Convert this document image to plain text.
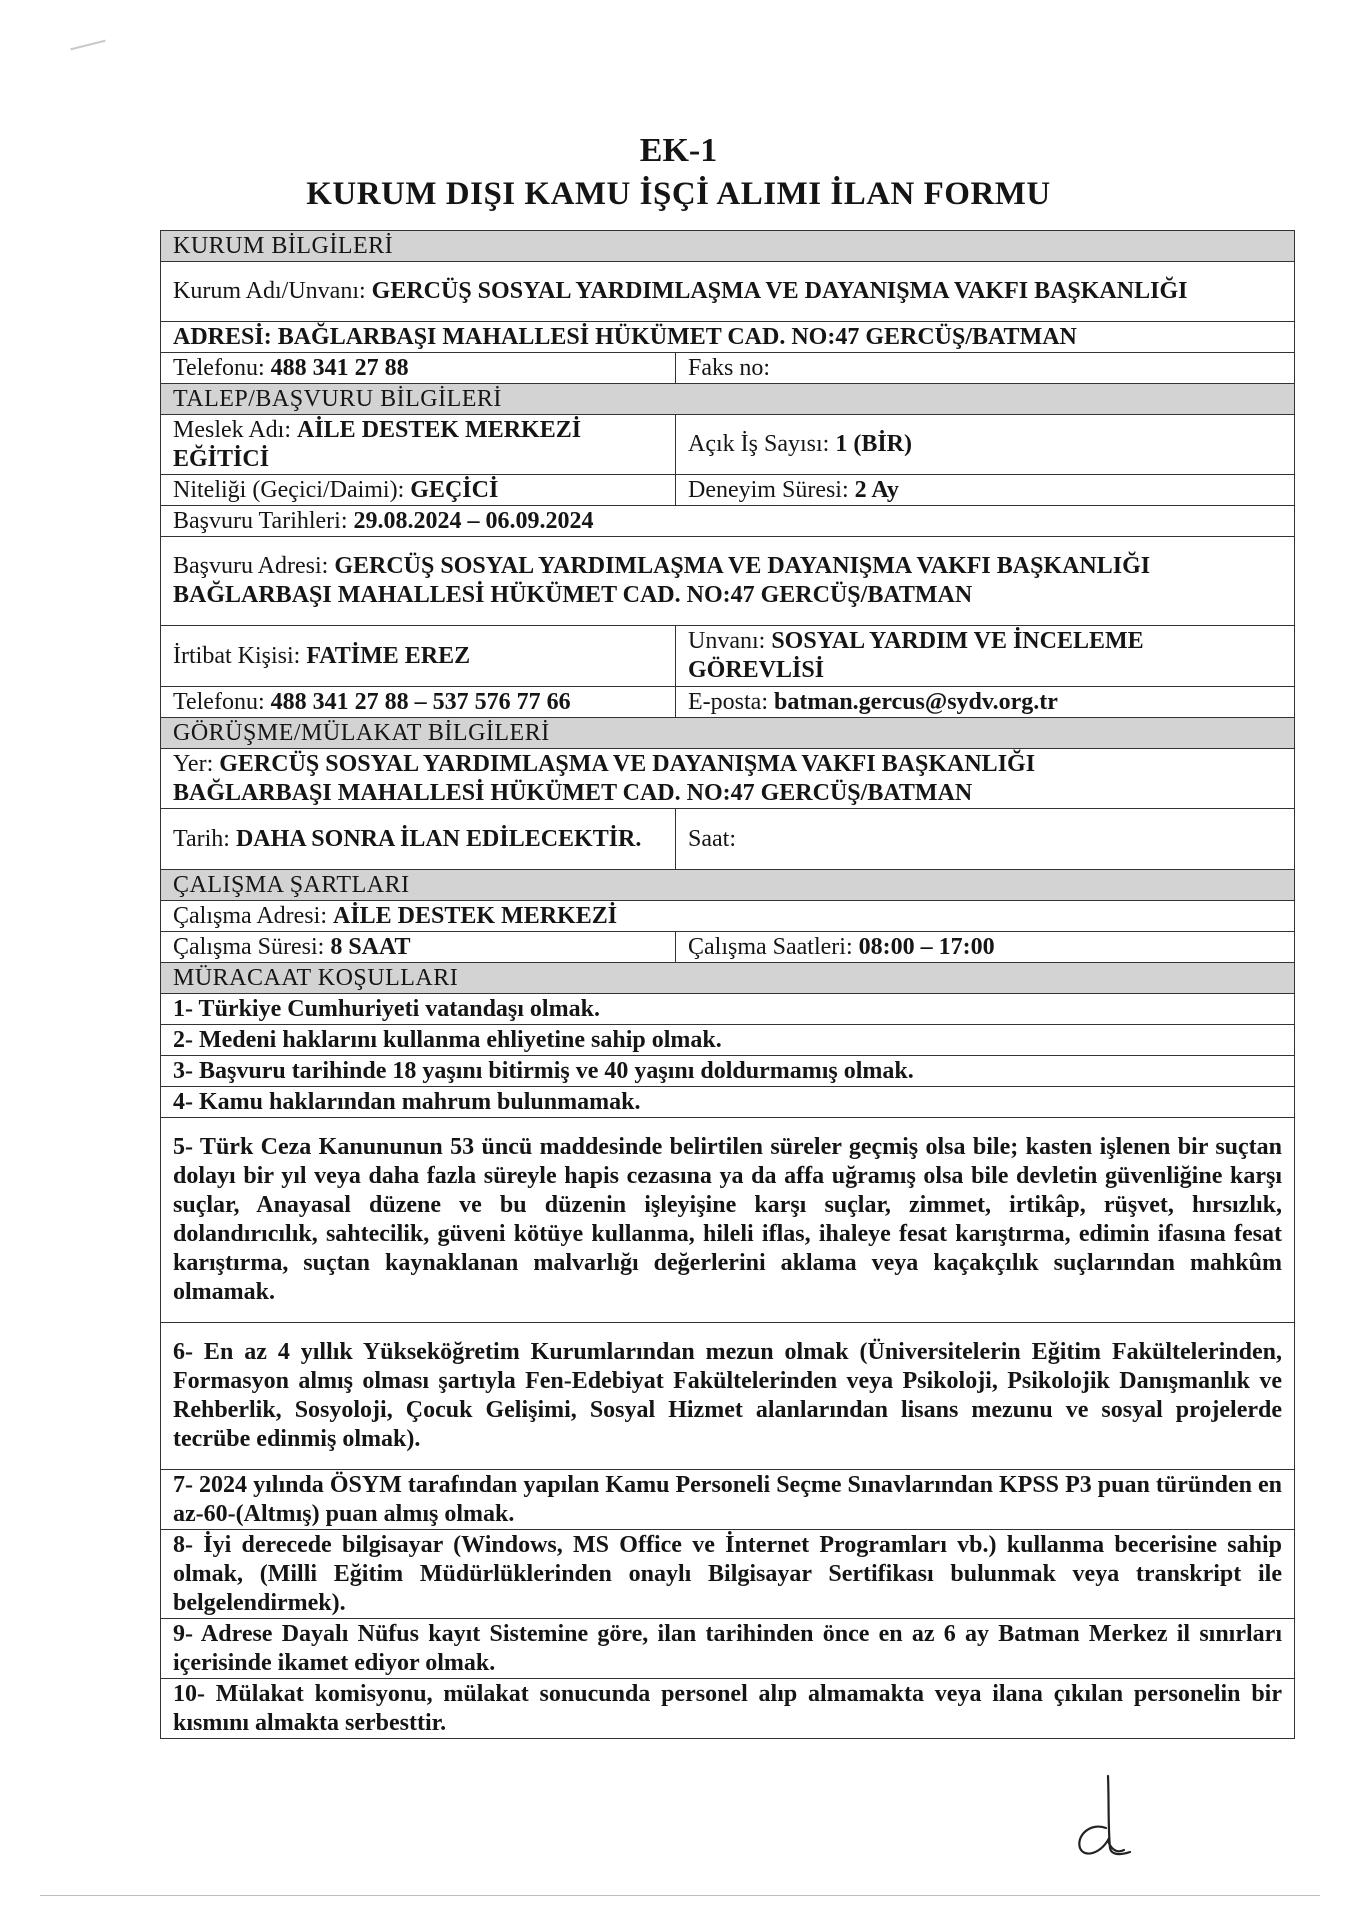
EK-1
KURUM DIŞI KAMU İŞÇİ ALIMI İLAN FORMU
KURUM BİLGİLERİ	
Kurum Adı/Unvanı: GERCÜŞ SOSYAL YARDIMLAŞMA VE DAYANIŞMA VAKFI BAŞKANLIĞI	
ADRESİ: BAĞLARBAŞI MAHALLESİ HÜKÜMET CAD. NO:47 GERCÜŞ/BATMAN	
Telefonu: 488 341 27 88	Faks no:
TALEP/BAŞVURU BİLGİLERİ	
Meslek Adı: AİLE DESTEK MERKEZİ EĞİTİCİ	Açık İş Sayısı: 1 (BİR)
Niteliği (Geçici/Daimi): GEÇİCİ	Deneyim Süresi: 2 Ay
Başvuru Tarihleri: 29.08.2024 – 06.09.2024	
Başvuru Adresi: GERCÜŞ SOSYAL YARDIMLAŞMA VE DAYANIŞMA VAKFI BAŞKANLIĞI
BAĞLARBAŞI MAHALLESİ HÜKÜMET CAD. NO:47 GERCÜŞ/BATMAN	
İrtibat Kişisi: FATİME EREZ	Unvanı: SOSYAL YARDIM VE İNCELEME GÖREVLİSİ
Telefonu: 488 341 27 88 – 537 576 77 66	E-posta: batman.gercus@sydv.org.tr
GÖRÜŞME/MÜLAKAT BİLGİLERİ	
Yer: GERCÜŞ SOSYAL YARDIMLAŞMA VE DAYANIŞMA VAKFI BAŞKANLIĞI
BAĞLARBAŞI MAHALLESİ HÜKÜMET CAD. NO:47 GERCÜŞ/BATMAN	
Tarih: DAHA SONRA İLAN EDİLECEKTİR.	Saat:
ÇALIŞMA ŞARTLARI	
Çalışma Adresi: AİLE DESTEK MERKEZİ	
Çalışma Süresi: 8 SAAT	Çalışma Saatleri: 08:00 – 17:00
MÜRACAAT KOŞULLARI	
1- Türkiye Cumhuriyeti vatandaşı olmak.	
2- Medeni haklarını kullanma ehliyetine sahip olmak.	
3- Başvuru tarihinde 18 yaşını bitirmiş ve 40 yaşını doldurmamış olmak.	
4- Kamu haklarından mahrum bulunmamak.	
5- Türk Ceza Kanununun 53 üncü maddesinde belirtilen süreler geçmiş olsa bile; kasten işlenen bir suçtan dolayı bir yıl veya daha fazla süreyle hapis cezasına ya da affa uğramış olsa bile devletin güvenliğine karşı suçlar, Anayasal düzene ve bu düzenin işleyişine karşı suçlar, zimmet, irtikâp, rüşvet, hırsızlık, dolandırıcılık, sahtecilik, güveni kötüye kullanma, hileli iflas, ihaleye fesat karıştırma, edimin ifasına fesat karıştırma, suçtan kaynaklanan malvarlığı değerlerini aklama veya kaçakçılık suçlarından mahkûm olmamak.	
6- En az 4 yıllık Yükseköğretim Kurumlarından mezun olmak (Üniversitelerin Eğitim Fakültelerinden, Formasyon almış olması şartıyla Fen-Edebiyat Fakültelerinden veya Psikoloji, Psikolojik Danışmanlık ve Rehberlik, Sosyoloji, Çocuk Gelişimi, Sosyal Hizmet alanlarından lisans mezunu ve sosyal projelerde tecrübe edinmiş olmak).	
7- 2024 yılında ÖSYM tarafından yapılan Kamu Personeli Seçme Sınavlarından KPSS P3 puan türünden en az-60-(Altmış) puan almış olmak.	
8- İyi derecede bilgisayar (Windows, MS Office ve İnternet Programları vb.) kullanma becerisine sahip olmak, (Milli Eğitim Müdürlüklerinden onaylı Bilgisayar Sertifikası bulunmak veya transkript ile belgelendirmek).	
9- Adrese Dayalı Nüfus kayıt Sistemine göre, ilan tarihinden önce en az 6 ay Batman Merkez il sınırları içerisinde ikamet ediyor olmak.	
10- Mülakat komisyonu, mülakat sonucunda personel alıp almamakta veya ilana çıkılan personelin bir kısmını almakta serbesttir.	
